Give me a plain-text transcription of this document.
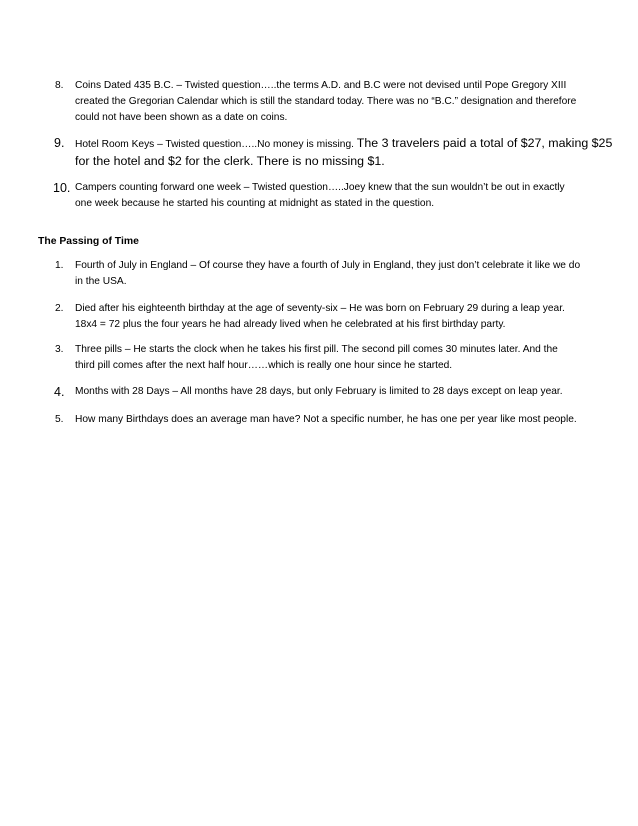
8. Coins Dated 435 B.C. – Twisted question…..the terms A.D. and B.C were not devised until Pope Gregory XIII
created the Gregorian Calendar which is still the standard today. There was no “B.C.” designation and therefore
could not have been shown as a date on coins.
9. Hotel Room Keys – Twisted question…..No money is missing. The 3 travelers paid a total of $27, making $25
for the hotel and $2 for the clerk. There is no missing $1.
10. Campers counting forward one week – Twisted question…..Joey knew that the sun wouldn’t be out in exactly
one week because he started his counting at midnight as stated in the question.
The Passing of Time
1. Fourth of July in England – Of course they have a fourth of July in England, they just don’t celebrate it like we do
in the USA.
2. Died after his eighteenth birthday at the age of seventy-six – He was born on February 29 during a leap year.
18x4 = 72 plus the four years he had already lived when he celebrated at his first birthday party.
3. Three pills – He starts the clock when he takes his first pill. The second pill comes 30 minutes later. And the
third pill comes after the next half hour……which is really one hour since he started.
4. Months with 28 Days – All months have 28 days, but only February is limited to 28 days except on leap year.
5. How many Birthdays does an average man have? Not a specific number, he has one per year like most people.
